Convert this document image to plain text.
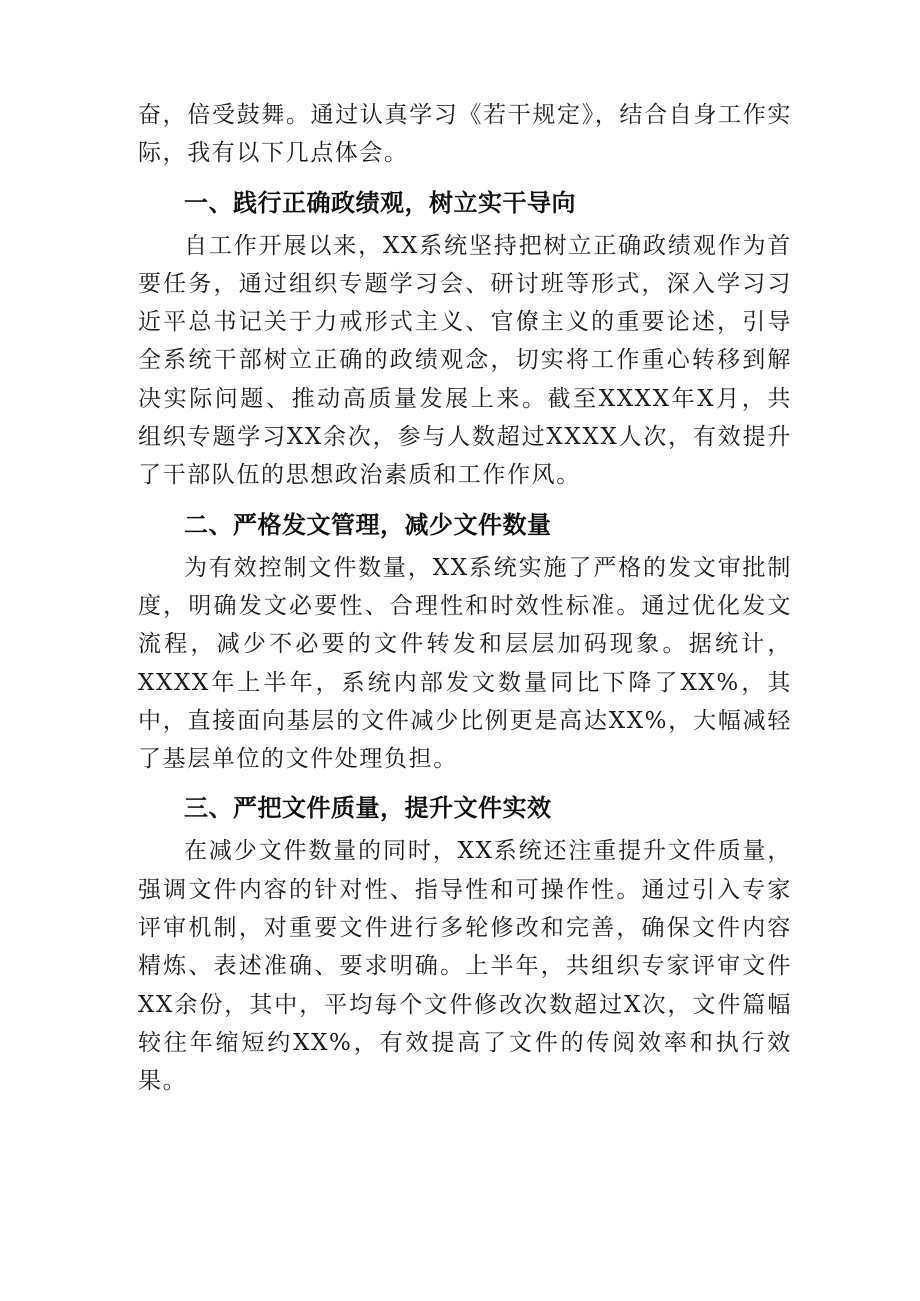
奋，倍受鼓舞。通过认真学习《若干规定》，结合自身工作实际，我有以下几点体会。

一、践行正确政绩观，树立实干导向

自工作开展以来，XX系统坚持把树立正确政绩观作为首要任务，通过组织专题学习会、研讨班等形式，深入学习习近平总书记关于力戒形式主义、官僚主义的重要论述，引导全系统干部树立正确的政绩观念，切实将工作重心转移到解决实际问题、推动高质量发展上来。截至XXXX年X月，共组织专题学习XX余次，参与人数超过XXXX人次，有效提升了干部队伍的思想政治素质和工作作风。

二、严格发文管理，减少文件数量

为有效控制文件数量，XX系统实施了严格的发文审批制度，明确发文必要性、合理性和时效性标准。通过优化发文流程，减少不必要的文件转发和层层加码现象。据统计，XXXX年上半年，系统内部发文数量同比下降了XX%，其中，直接面向基层的文件减少比例更是高达XX%，大幅减轻了基层单位的文件处理负担。

三、严把文件质量，提升文件实效

在减少文件数量的同时，XX系统还注重提升文件质量，强调文件内容的针对性、指导性和可操作性。通过引入专家评审机制，对重要文件进行多轮修改和完善，确保文件内容精炼、表述准确、要求明确。上半年，共组织专家评审文件XX余份，其中，平均每个文件修改次数超过X次，文件篇幅较往年缩短约XX%，有效提高了文件的传阅效率和执行效果。
